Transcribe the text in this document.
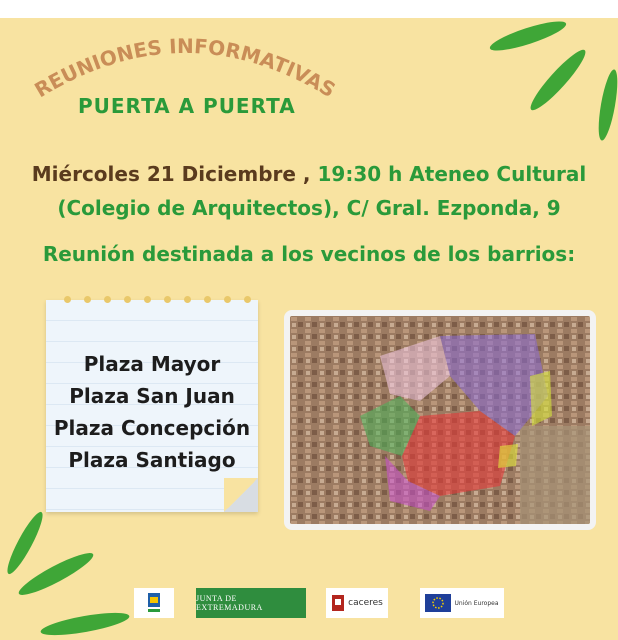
REUNIONES INFORMATIVAS
PUERTA A PUERTA
Miércoles 21 Diciembre , 19:30 h Ateneo Cultural
(Colegio de Arquitectos), C/ Gral. Ezponda, 9
Reunión destinada a los vecinos de los barrios:
Plaza Mayor
Plaza San Juan
Plaza Concepción
Plaza Santiago
JUNTA DE EXTREMADURA	caceres	Unión Europea
